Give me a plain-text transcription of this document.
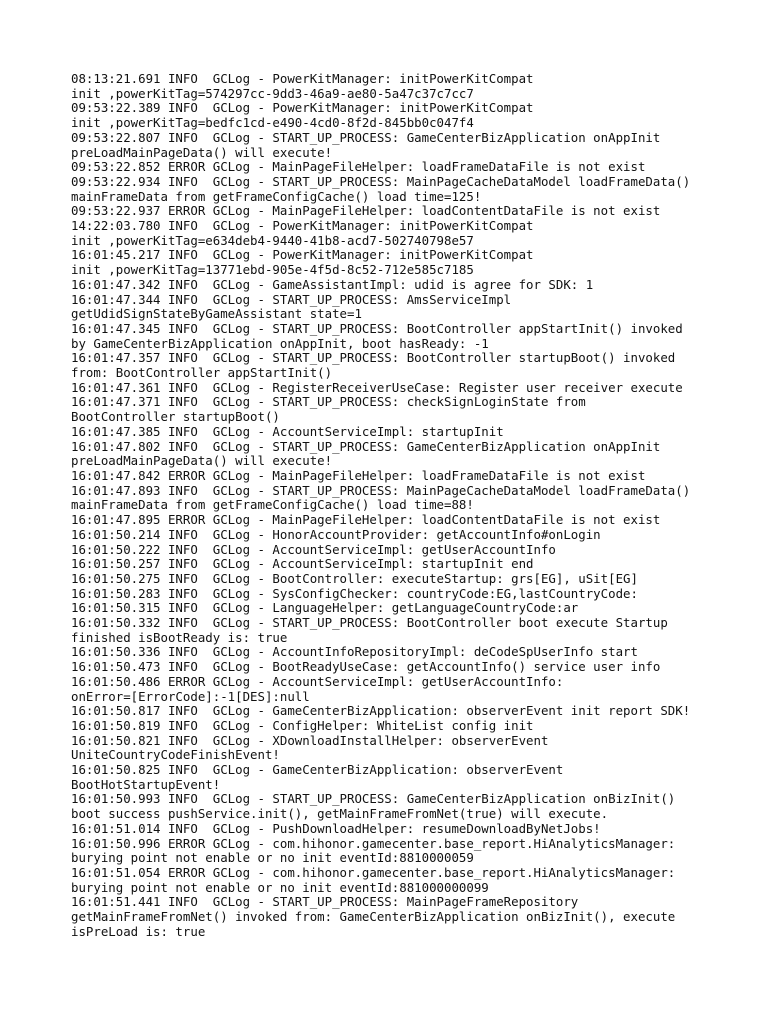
08:13:21.691 INFO  GCLog - PowerKitManager: initPowerKitCompat

init ,powerKitTag=574297cc-9dd3-46a9-ae80-5a47c37c7cc7

09:53:22.389 INFO  GCLog - PowerKitManager: initPowerKitCompat

init ,powerKitTag=bedfc1cd-e490-4cd0-8f2d-845bb0c047f4

09:53:22.807 INFO  GCLog - START_UP_PROCESS: GameCenterBizApplication onAppInit

preLoadMainPageData() will execute!

09:53:22.852 ERROR GCLog - MainPageFileHelper: loadFrameDataFile is not exist

09:53:22.934 INFO  GCLog - START_UP_PROCESS: MainPageCacheDataModel loadFrameData()

mainFrameData from getFrameConfigCache() load time=125!

09:53:22.937 ERROR GCLog - MainPageFileHelper: loadContentDataFile is not exist

14:22:03.780 INFO  GCLog - PowerKitManager: initPowerKitCompat

init ,powerKitTag=e634deb4-9440-41b8-acd7-502740798e57

16:01:45.217 INFO  GCLog - PowerKitManager: initPowerKitCompat

init ,powerKitTag=13771ebd-905e-4f5d-8c52-712e585c7185

16:01:47.342 INFO  GCLog - GameAssistantImpl: udid is agree for SDK: 1

16:01:47.344 INFO  GCLog - START_UP_PROCESS: AmsServiceImpl

getUdidSignStateByGameAssistant state=1

16:01:47.345 INFO  GCLog - START_UP_PROCESS: BootController appStartInit() invoked

by GameCenterBizApplication onAppInit, boot hasReady: -1

16:01:47.357 INFO  GCLog - START_UP_PROCESS: BootController startupBoot() invoked

from: BootController appStartInit()

16:01:47.361 INFO  GCLog - RegisterReceiverUseCase: Register user receiver execute

16:01:47.371 INFO  GCLog - START_UP_PROCESS: checkSignLoginState from

BootController startupBoot()

16:01:47.385 INFO  GCLog - AccountServiceImpl: startupInit

16:01:47.802 INFO  GCLog - START_UP_PROCESS: GameCenterBizApplication onAppInit

preLoadMainPageData() will execute!

16:01:47.842 ERROR GCLog - MainPageFileHelper: loadFrameDataFile is not exist

16:01:47.893 INFO  GCLog - START_UP_PROCESS: MainPageCacheDataModel loadFrameData()

mainFrameData from getFrameConfigCache() load time=88!

16:01:47.895 ERROR GCLog - MainPageFileHelper: loadContentDataFile is not exist

16:01:50.214 INFO  GCLog - HonorAccountProvider: getAccountInfo#onLogin

16:01:50.222 INFO  GCLog - AccountServiceImpl: getUserAccountInfo

16:01:50.257 INFO  GCLog - AccountServiceImpl: startupInit end

16:01:50.275 INFO  GCLog - BootController: executeStartup: grs[EG], uSit[EG]

16:01:50.283 INFO  GCLog - SysConfigChecker: countryCode:EG,lastCountryCode:

16:01:50.315 INFO  GCLog - LanguageHelper: getLanguageCountryCode:ar

16:01:50.332 INFO  GCLog - START_UP_PROCESS: BootController boot execute Startup

finished isBootReady is: true

16:01:50.336 INFO  GCLog - AccountInfoRepositoryImpl: deCodeSpUserInfo start

16:01:50.473 INFO  GCLog - BootReadyUseCase: getAccountInfo() service user info

16:01:50.486 ERROR GCLog - AccountServiceImpl: getUserAccountInfo:

onError=[ErrorCode]:-1[DES]:null

16:01:50.817 INFO  GCLog - GameCenterBizApplication: observerEvent init report SDK!

16:01:50.819 INFO  GCLog - ConfigHelper: WhiteList config init

16:01:50.821 INFO  GCLog - XDownloadInstallHelper: observerEvent

UniteCountryCodeFinishEvent!

16:01:50.825 INFO  GCLog - GameCenterBizApplication: observerEvent

BootHotStartupEvent!

16:01:50.993 INFO  GCLog - START_UP_PROCESS: GameCenterBizApplication onBizInit()

boot success pushService.init(), getMainFrameFromNet(true) will execute.

16:01:51.014 INFO  GCLog - PushDownloadHelper: resumeDownloadByNetJobs!

16:01:50.996 ERROR GCLog - com.hihonor.gamecenter.base_report.HiAnalyticsManager:

burying point not enable or no init eventId:8810000059

16:01:51.054 ERROR GCLog - com.hihonor.gamecenter.base_report.HiAnalyticsManager:

burying point not enable or no init eventId:881000000099

16:01:51.441 INFO  GCLog - START_UP_PROCESS: MainPageFrameRepository

getMainFrameFromNet() invoked from: GameCenterBizApplication onBizInit(), execute

isPreLoad is: true
